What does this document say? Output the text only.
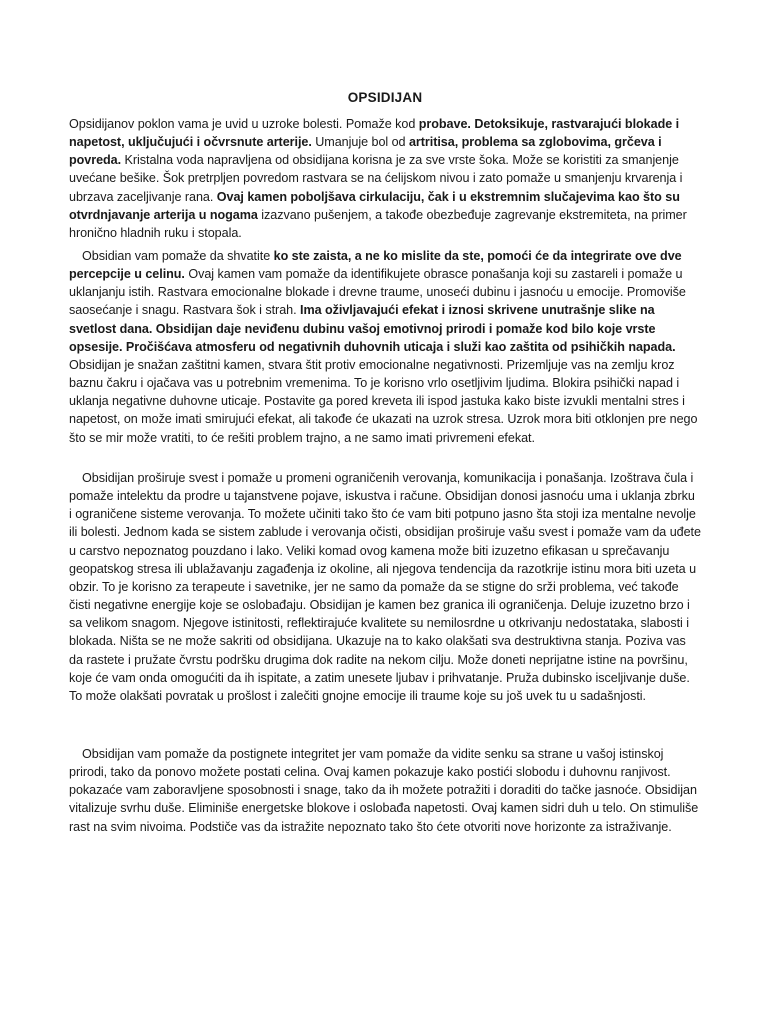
OPSIDIJAN

Opsidijanov poklon vama je uvid u uzroke bolesti. Pomaže kod probave. Detoksikuje, rastvarajući blokade i napetost, uključujući i očvrsnute arterije. Umanjuje bol od artritisa, problema sa zglobovima, grčeva i povreda. Kristalna voda napravljena od obsidijana korisna je za sve vrste šoka. Može se koristiti za smanjenje uvećane bešike. Šok pretrpljen povredom rastvara se na ćelijskom nivou i zato pomaže u smanjenju krvarenja i ubrzava zaceljivanje rana. Ovaj kamen poboljšava cirkulaciju, čak i u ekstremnim slučajevima kao što su otvrdnjavanje arterija u nogama izazvano pušenjem, a takođe obezbeđuje zagrevanje ekstremiteta, na primer hronično hladnih ruku i stopala.

Obsidian vam pomaže da shvatite ko ste zaista, a ne ko mislite da ste, pomoći će da integrirate ove dve percepcije u celinu. Ovaj kamen vam pomaže da identifikujete obrasce ponašanja koji su zastareli i pomaže u uklanjanju istih. Rastvara emocionalne blokade i drevne traume, unoseći dubinu i jasnoću u emocije. Promoviše saosećanje i snagu. Rastvara šok i strah. Ima oživljavajući efekat i iznosi skrivene unutrašnje slike na svetlost dana. Obsidijan daje neviđenu dubinu vašoj emotivnoj prirodi i pomaže kod bilo koje vrste opsesije. Pročišćava atmosferu od negativnih duhovnih uticaja i služi kao zaštita od psihičkih napada. Obsidijan je snažan zaštitni kamen, stvara štit protiv emocionalne negativnosti. Prizemljuje vas na zemlju kroz baznu čakru i ojačava vas u potrebnim vremenima. To je korisno vrlo osetljivim ljudima. Blokira psihički napad i uklanja negativne duhovne uticaje. Postavite ga pored kreveta ili ispod jastuka kako biste izvukli mentalni stres i napetost, on može imati smirujući efekat, ali takođe će ukazati na uzrok stresa. Uzrok mora biti otklonjen pre nego što se mir može vratiti, to će rešiti problem trajno, a ne samo imati privremeni efekat.

Obsidijan proširuje svest i pomaže u promeni ograničenih verovanja, komunikacija i ponašanja. Izoštrava čula i pomaže intelektu da prodre u tajanstvene pojave, iskustva i račune. Obsidijan donosi jasnoću uma i uklanja zbrku i ograničene sisteme verovanja. To možete učiniti tako što će vam biti potpuno jasno šta stoji iza mentalne nevolje ili bolesti. Jednom kada se sistem zablude i verovanja očisti, obsidijan proširuje vašu svest i pomaže vam da uđete u carstvo nepoznatog pouzdano i lako. Veliki komad ovog kamena može biti izuzetno efikasan u sprečavanju geopatskog stresa ili ublažavanju zagađenja iz okoline, ali njegova tendencija da razotkrije istinu mora biti uzeta u obzir. To je korisno za terapeute i savetnike, jer ne samo da pomaže da se stigne do srži problema, već takođe čisti negativne energije koje se oslobađaju. Obsidijan je kamen bez granica ili ograničenja. Deluje izuzetno brzo i sa velikom snagom. Njegove istinitosti, reflektirajuće kvalitete su nemilosrdne u otkrivanju nedostataka, slabosti i blokada. Ništa se ne može sakriti od obsidijana. Ukazuje na to kako olakšati sva destruktivna stanja. Poziva vas da rastete i pružate čvrstu podršku drugima dok radite na nekom cilju. Može doneti neprijatne istine na površinu, koje će vam onda omogućiti da ih ispitate, a zatim unesete ljubav i prihvatanje. Pruža dubinsko isceljivanje duše. To može olakšati povratak u prošlost i zalečiti gnojne emocije ili traume koje su još uvek tu u sadašnjosti.

Obsidijan vam pomaže da postignete integritet jer vam pomaže da vidite senku sa strane u vašoj istinskoj prirodi, tako da ponovo možete postati celina. Ovaj kamen pokazuje kako postići slobodu i duhovnu ranjivost. pokazaće vam zaboravljene sposobnosti i snage, tako da ih možete potražiti i doraditi do tačke jasnoće. Obsidijan vitalizuje svrhu duše. Eliminiše energetske blokove i oslobađa napetosti. Ovaj kamen sidri duh u telo. On stimuliše rast na svim nivoima. Podstiče vas da istražite nepoznato tako što ćete otvoriti nove horizonte za istraživanje.
